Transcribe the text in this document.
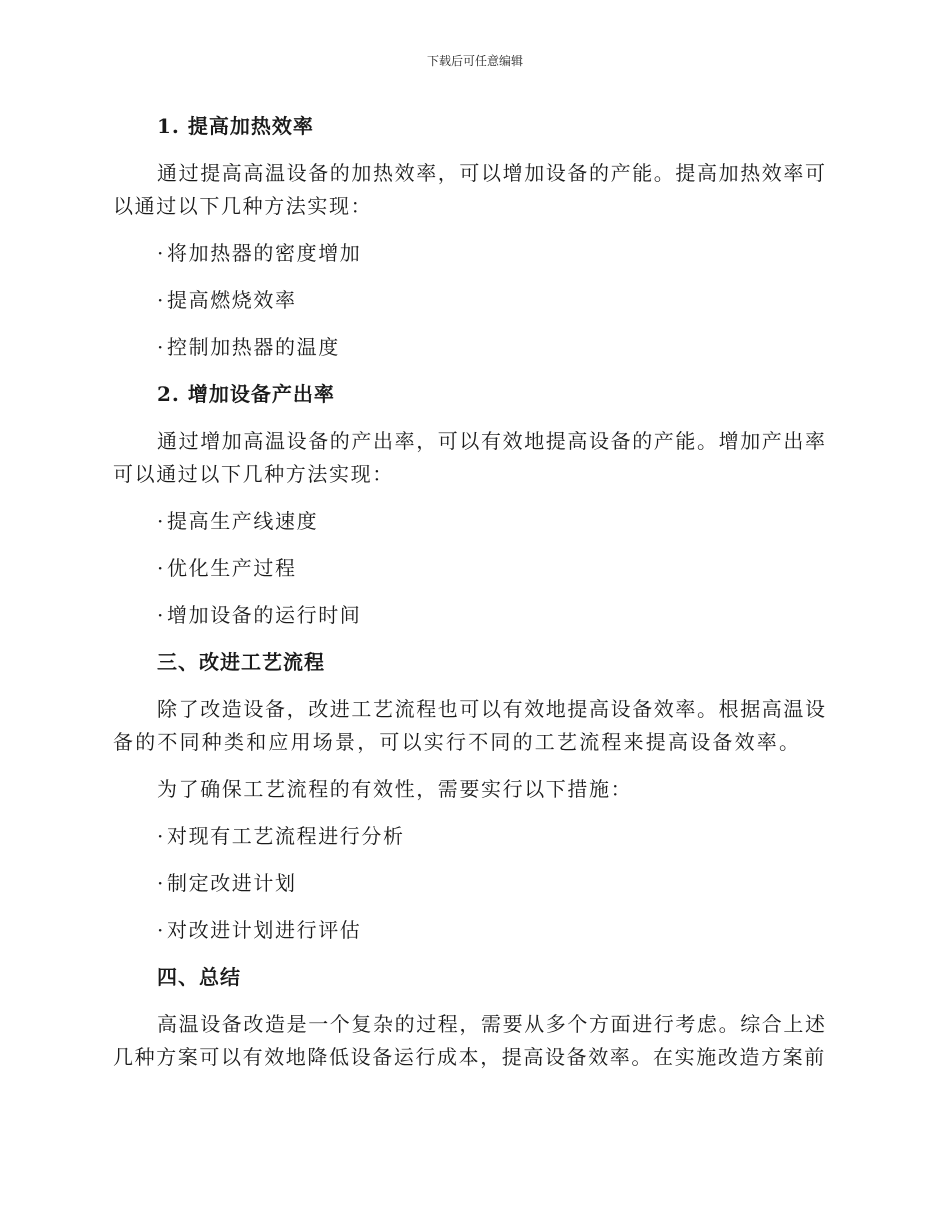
下载后可任意编辑
1. 提高加热效率
通过提高高温设备的加热效率，可以增加设备的产能。提高加热效率可
以通过以下几种方法实现：
· 将加热器的密度增加
· 提高燃烧效率
· 控制加热器的温度
2. 增加设备产出率
通过增加高温设备的产出率，可以有效地提高设备的产能。增加产出率
可以通过以下几种方法实现：
· 提高生产线速度
· 优化生产过程
· 增加设备的运行时间
三、改进工艺流程
除了改造设备，改进工艺流程也可以有效地提高设备效率。根据高温设
备的不同种类和应用场景，可以实行不同的工艺流程来提高设备效率。
为了确保工艺流程的有效性，需要实行以下措施：
· 对现有工艺流程进行分析
· 制定改进计划
· 对改进计划进行评估
四、总结
高温设备改造是一个复杂的过程，需要从多个方面进行考虑。综合上述
几种方案可以有效地降低设备运行成本，提高设备效率。在实施改造方案前
